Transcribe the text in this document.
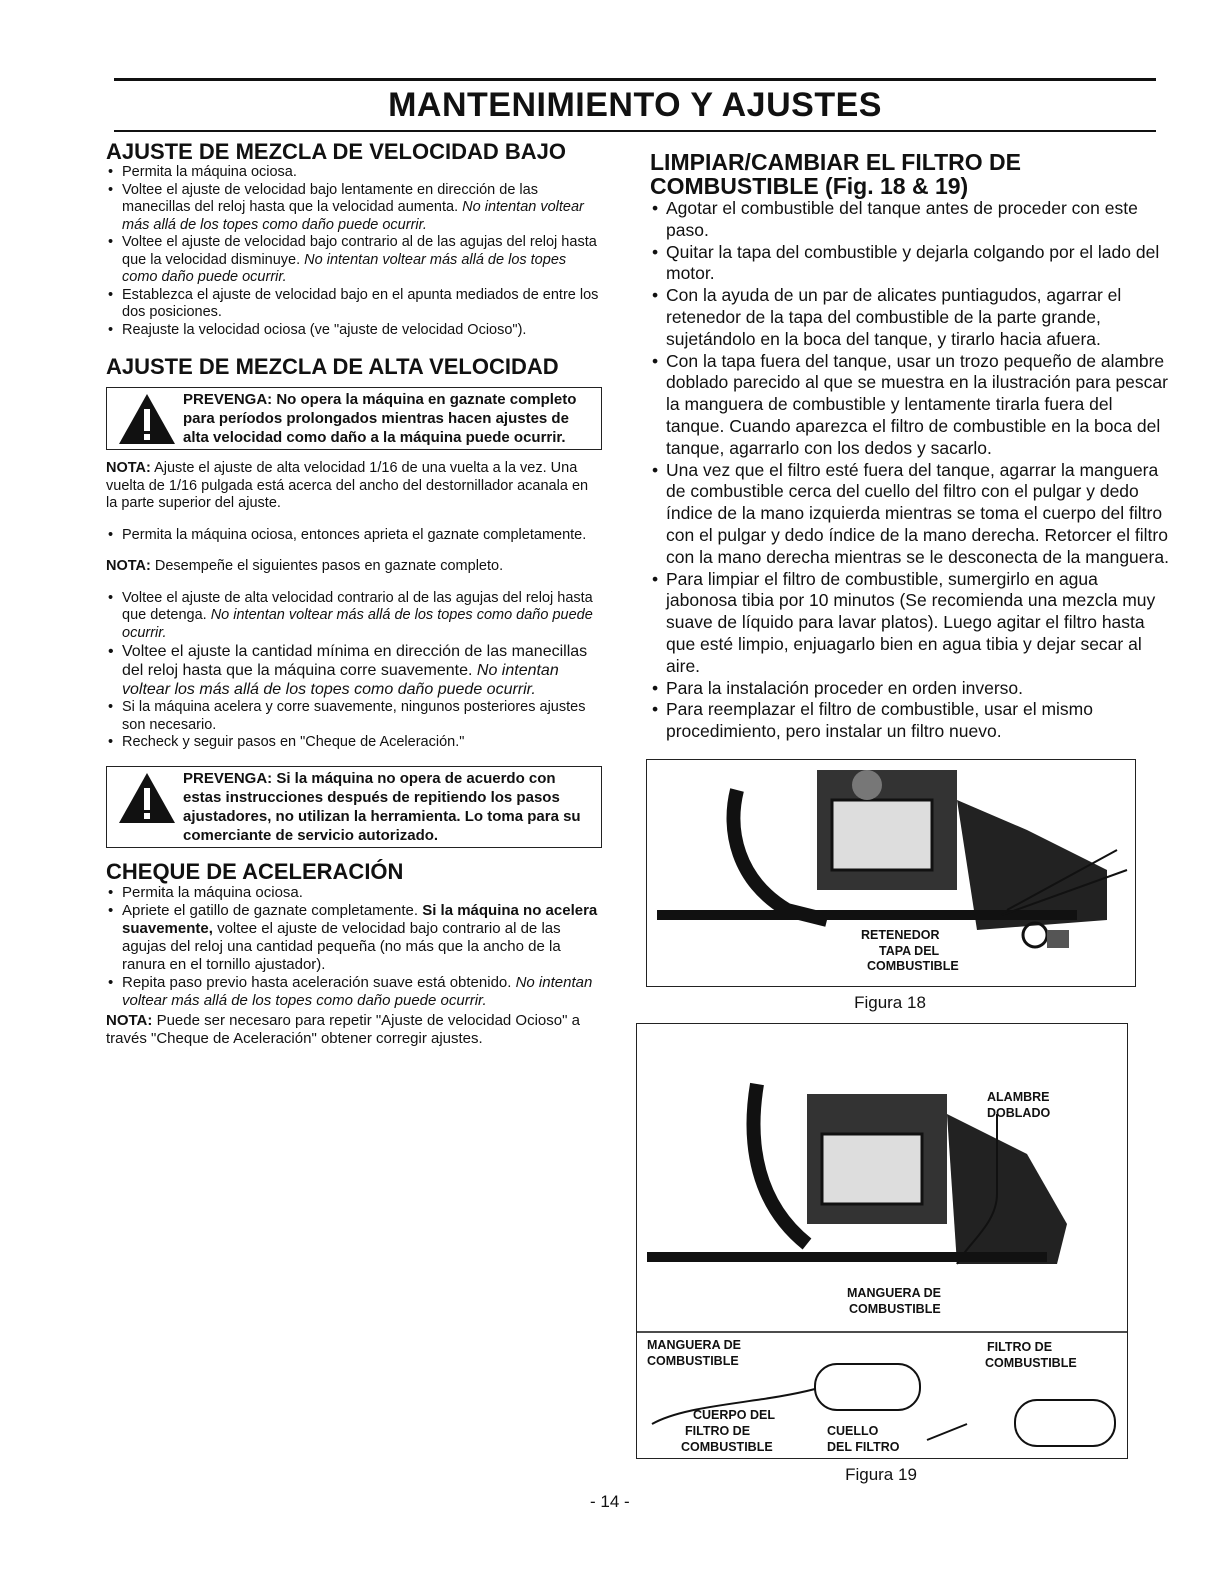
MANTENIMIENTO Y AJUSTES
AJUSTE DE MEZCLA DE VELOCIDAD BAJO
• Permita la máquina ociosa.
• Voltee el ajuste de velocidad bajo lentamente en dirección de las manecillas del reloj hasta que la velocidad aumenta. No intentan voltear más allá de los topes como daño puede ocurrir.
• Voltee el ajuste de velocidad bajo contrario al de las agujas del reloj hasta que la velocidad disminuye. No intentan voltear más allá de los topes como daño puede ocurrir.
• Establezca el ajuste de velocidad bajo en el apunta mediados de entre los dos posiciones.
• Reajuste la velocidad ociosa (ve "ajuste de velocidad Ocioso").
AJUSTE DE MEZCLA DE ALTA VELOCIDAD
PREVENGA: No opera la máquina en gaznate completo para períodos prolongados mientras hacen ajustes de alta velocidad como daño a la máquina puede ocurrir.
NOTA: Ajuste el ajuste de alta velocidad 1/16 de una vuelta a la vez. Una vuelta de 1/16 pulgada está acerca del ancho del destornillador acanala en la parte superior del ajuste.
• Permita la máquina ociosa, entonces aprieta el gaznate completamente.
NOTA: Desempeñe el siguientes pasos en gaznate completo.
• Voltee el ajuste de alta velocidad contrario al de las agujas del reloj hasta que detenga. No intentan voltear más allá de los topes como daño puede ocurrir.
• Voltee el ajuste la cantidad mínima en dirección de las manecillas del reloj hasta que la máquina corre suavemente. No intentan voltear los más allá de los topes como daño puede ocurrir.
• Si la máquina acelera y corre suavemente, ningunos posteriores ajustes son necesario.
• Recheck y seguir pasos en "Cheque de Aceleración."
PREVENGA: Si la máquina no opera de acuerdo con estas instrucciones después de repitiendo los pasos ajustadores, no utilizan la herramienta. Lo toma para su comerciante de servicio autorizado.
CHEQUE DE ACELERACIÓN
• Permita la máquina ociosa.
• Apriete el gatillo de gaznate completamente. Si la máquina no acelera suavemente, voltee el ajuste de velocidad bajo contrario al de las agujas del reloj una cantidad pequeña (no más que la ancho de la ranura en el tornillo ajustador).
• Repita paso previo hasta aceleración suave está obtenido. No intentan voltear más allá de los topes como daño puede ocurrir.
NOTA: Puede ser necesaro para repetir "Ajuste de velocidad Ocioso" a través "Cheque de Aceleración" obtener corregir ajustes.
LIMPIAR/CAMBIAR EL FILTRO DE COMBUSTIBLE (Fig. 18 & 19)
• Agotar el combustible del tanque antes de proceder con este paso.
• Quitar la tapa del combustible y dejarla colgando por el lado del motor.
• Con la ayuda de un par de alicates puntiagudos, agarrar el retenedor de la tapa del combustible de la parte grande, sujetándolo en la boca del tanque, y tirarlo hacia afuera.
• Con la tapa fuera del tanque, usar un trozo pequeño de alambre doblado parecido al que se muestra en la ilustración para pescar la manguera de combustible y lentamente tirarla fuera del tanque. Cuando aparezca el filtro de combustible en la boca del tanque, agarrarlo con los dedos y sacarlo.
• Una vez que el filtro esté fuera del tanque, agarrar la manguera de combustible cerca del cuello del filtro con el pulgar y dedo índice de la mano izquierda mientras se toma el cuerpo del filtro con el pulgar y dedo índice de la mano derecha. Retorcer el filtro con la mano derecha mientras se le desconecta de la manguera.
• Para limpiar el filtro de combustible, sumergirlo en agua jabonosa tibia por 10 minutos (Se recomienda una mezcla muy suave de líquido para lavar platos). Luego agitar el filtro hasta que esté limpio, enjuagarlo bien en agua tibia y dejar secar al aire.
• Para la instalación proceder en orden inverso.
• Para reemplazar el filtro de combustible, usar el mismo procedimiento, pero instalar un filtro nuevo.
RETENEDOR
TAPA DEL
COMBUSTIBLE
Figura 18
ALAMBRE
DOBLADO
MANGUERA DE
COMBUSTIBLE
MANGUERA DE
COMBUSTIBLE
FILTRO DE
COMBUSTIBLE
CUERPO DEL
FILTRO DE
COMBUSTIBLE
CUELLO
DEL FILTRO
Figura 19
- 14 -
